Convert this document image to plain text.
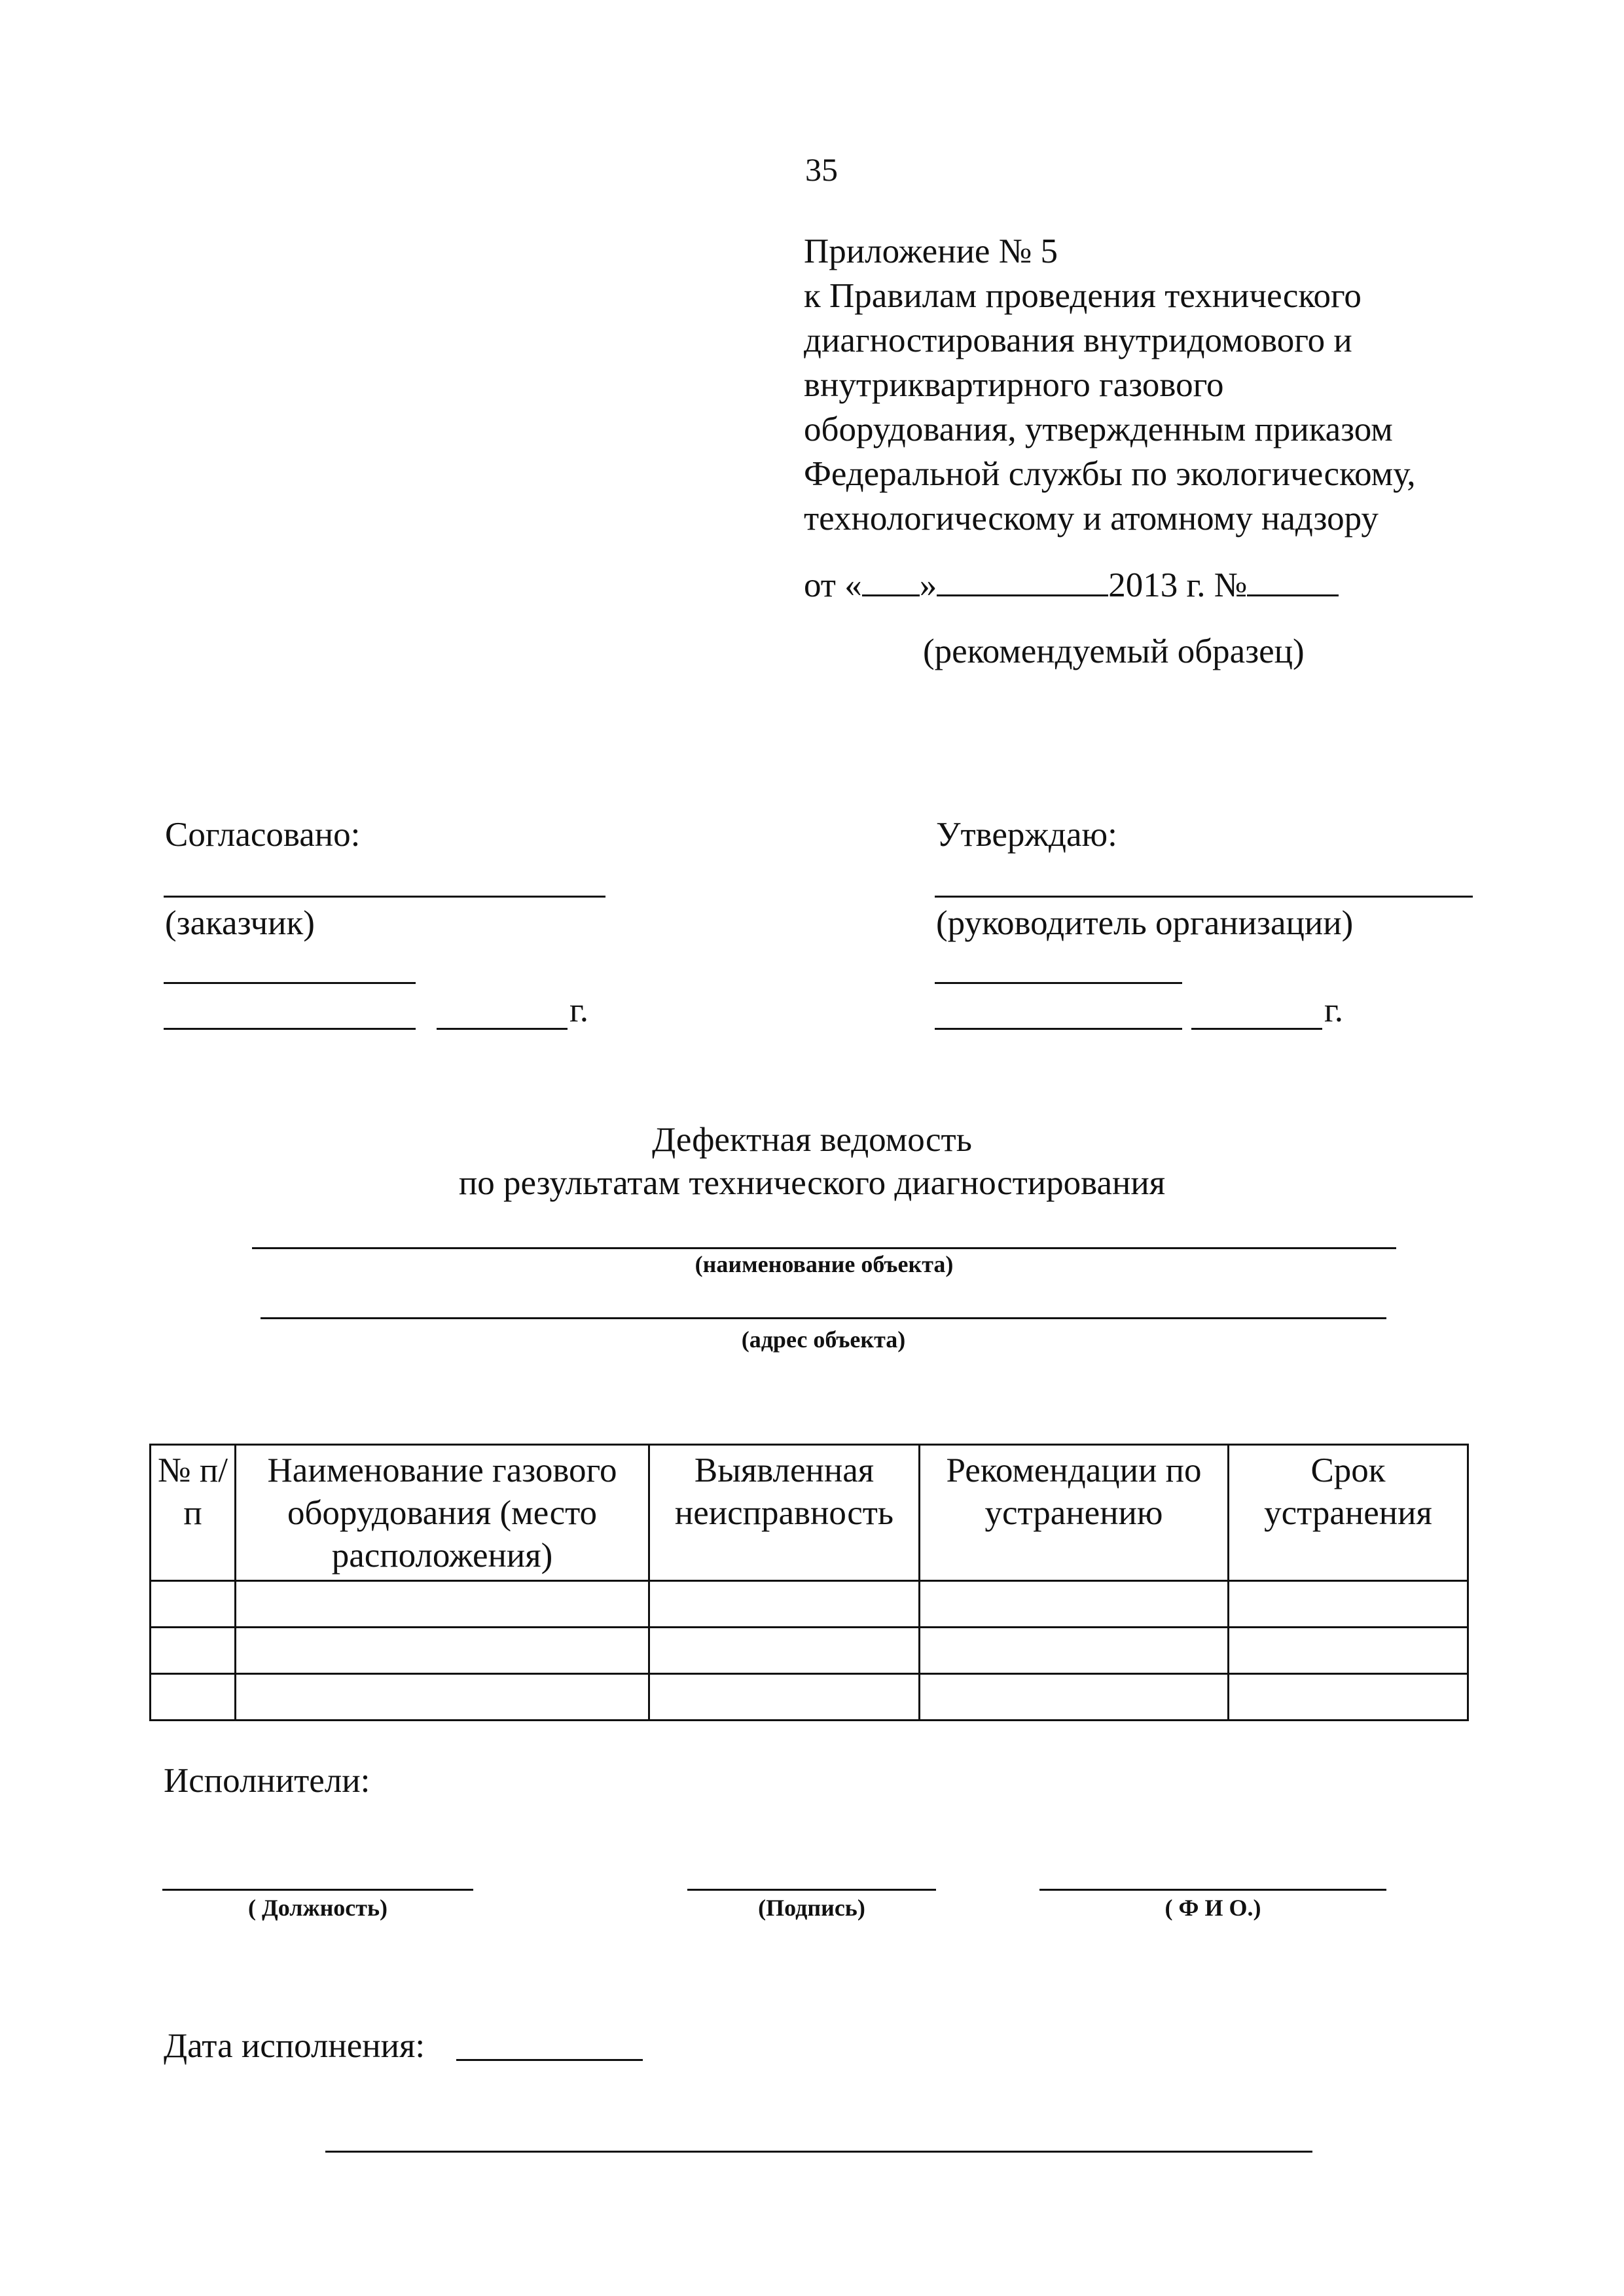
35
Приложение № 5
к Правилам проведения технического
диагностирования внутридомового и
внутриквартирного газового
оборудования, утвержденным приказом
Федеральной службы по экологическому,
технологическому и атомному надзору
от « »	2013 г. №
(рекомендуемый образец)
Согласовано:
(заказчик)
г.
Утверждаю:
(руководитель организации)
г.
Дефектная ведомость
по результатам технического диагностирования
(наименование объекта)
(адрес объекта)
№ п/п	Наименование газового оборудования (место расположения)	Выявленная неисправность	Рекомендации по устранению	Срок устранения

Исполнители:
( Должность)	(Подпись)	( Ф И О.)
Дата исполнения:
